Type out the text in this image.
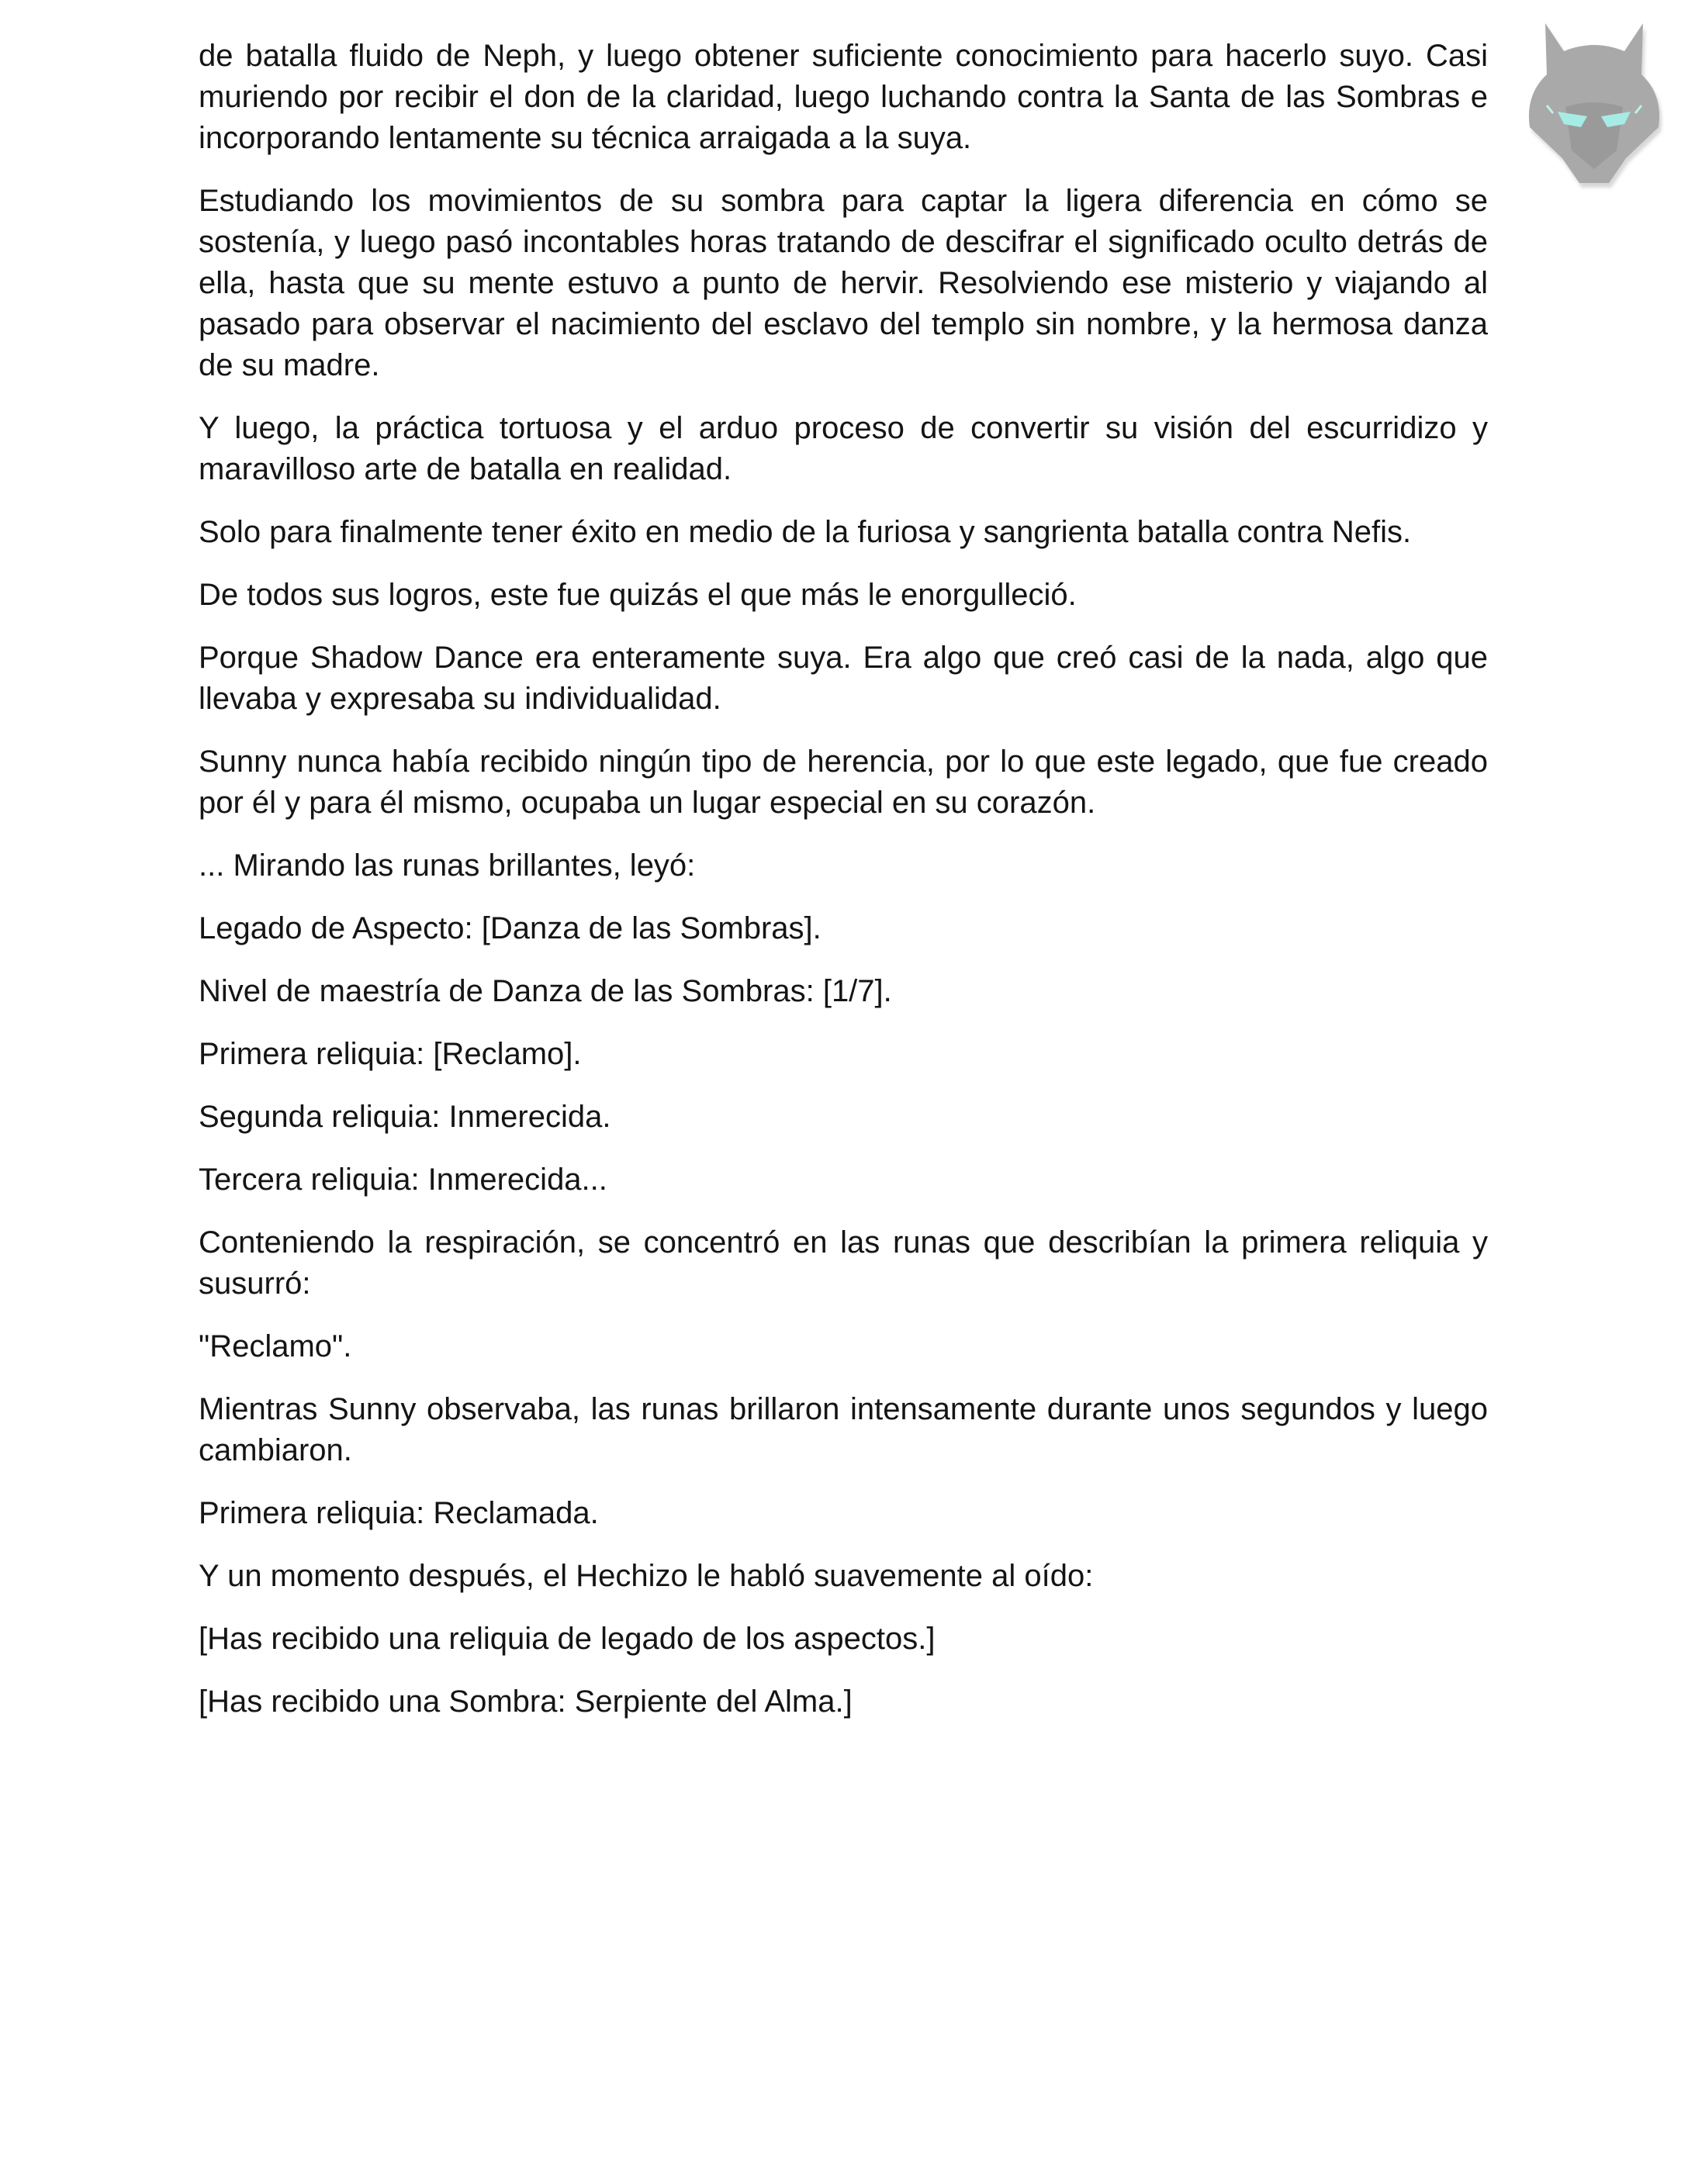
de batalla fluido de Neph, y luego obtener suficiente conocimiento para hacerlo suyo. Casi muriendo por recibir el don de la claridad, luego luchando contra la Santa de las Sombras e incorporando lentamente su técnica arraigada a la suya.

Estudiando los movimientos de su sombra para captar la ligera diferencia en cómo se sostenía, y luego pasó incontables horas tratando de descifrar el significado oculto detrás de ella, hasta que su mente estuvo a punto de hervir. Resolviendo ese misterio y viajando al pasado para observar el nacimiento del esclavo del templo sin nombre, y la hermosa danza de su madre.

Y luego, la práctica tortuosa y el arduo proceso de convertir su visión del escurridizo y maravilloso arte de batalla en realidad.

Solo para finalmente tener éxito en medio de la furiosa y sangrienta batalla contra Nefis.

De todos sus logros, este fue quizás el que más le enorgulleció.

Porque Shadow Dance era enteramente suya. Era algo que creó casi de la nada, algo que llevaba y expresaba su individualidad.

Sunny nunca había recibido ningún tipo de herencia, por lo que este legado, que fue creado por él y para él mismo, ocupaba un lugar especial en su corazón.

... Mirando las runas brillantes, leyó:

Legado de Aspecto: [Danza de las Sombras].

Nivel de maestría de Danza de las Sombras: [1/7].

Primera reliquia: [Reclamo].

Segunda reliquia: Inmerecida.

Tercera reliquia: Inmerecida...

Conteniendo la respiración, se concentró en las runas que describían la primera reliquia y susurró:

"Reclamo".

Mientras Sunny observaba, las runas brillaron intensamente durante unos segundos y luego cambiaron.

Primera reliquia: Reclamada.

Y un momento después, el Hechizo le habló suavemente al oído:

[Has recibido una reliquia de legado de los aspectos.]

[Has recibido una Sombra: Serpiente del Alma.]
